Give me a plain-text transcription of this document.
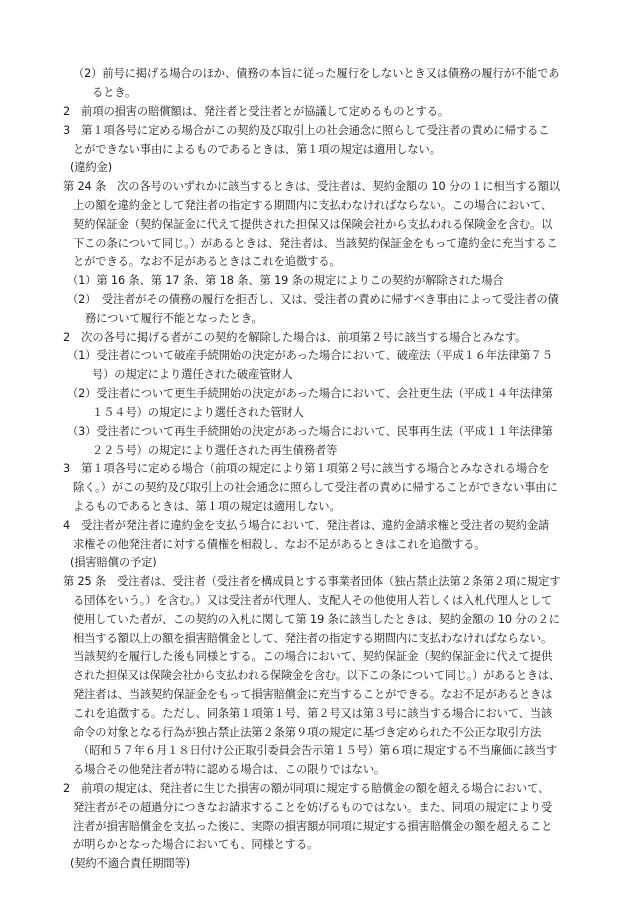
（2）前号に掲げる場合のほか、債務の本旨に従った履行をしないとき又は債務の履行が不能であ
るとき。
2　前項の損害の賠償額は、発注者と受注者とが協議して定めるものとする。
3　第１項各号に定める場合がこの契約及び取引上の社会通念に照らして受注者の責めに帰するこ
とができない事由によるものであるときは、第１項の規定は適用しない。
(違約金)
第 24 条　次の各号のいずれかに該当するときは、受注者は、契約金額の 10 分の１に相当する額以
上の額を違約金として発注者の指定する期間内に支払わなければならない。この場合において、
契約保証金（契約保証金に代えて提供された担保又は保険会社から支払われる保険金を含む。以
下この条について同じ。）があるときは、発注者は、当該契約保証金をもって違約金に充当するこ
とができる。なお不足があるときはこれを追徴する。
（1）第 16 条、第 17 条、第 18 条、第 19 条の規定によりこの契約が解除された場合
（2）　受注者がその債務の履行を拒否し、又は、受注者の責めに帰すべき事由によって受注者の債
務について履行不能となったとき。
2　次の各号に掲げる者がこの契約を解除した場合は、前項第２号に該当する場合とみなす。
（1）受注者について破産手続開始の決定があった場合において、破産法（平成１６年法律第７５
号）の規定により選任された破産管財人
（2）受注者について更生手続開始の決定があった場合において、会社更生法（平成１４年法律第
１５４号）の規定により選任された管財人
（3）受注者について再生手続開始の決定があった場合において、民事再生法（平成１１年法律第
２２５号）の規定により選任された再生債務者等
3　第１項各号に定める場合（前項の規定により第１項第２号に該当する場合とみなされる場合を
除く。）がこの契約及び取引上の社会通念に照らして受注者の責めに帰することができない事由に
よるものであるときは、第１項の規定は適用しない。
4　受注者が発注者に違約金を支払う場合において、発注者は、違約金請求権と受注者の契約金請
求権その他発注者に対する債権を相殺し、なお不足があるときはこれを追徴する。
(損害賠償の予定)
第 25 条　受注者は、受注者（受注者を構成員とする事業者団体（独占禁止法第２条第２項に規定す
る団体をいう。）を含む。）又は受注者が代理人、支配人その他使用人若しくは入札代理人として
使用していた者が、この契約の入札に関して第 19 条に該当したときは、契約金額の 10 分の２に
相当する額以上の額を損害賠償金として、発注者の指定する期間内に支払わなければならない。
当該契約を履行した後も同様とする。この場合において、契約保証金（契約保証金に代えて提供
された担保又は保険会社から支払われる保険金を含む。以下この条について同じ。）があるときは、
発注者は、当該契約保証金をもって損害賠償金に充当することができる。なお不足があるときは
これを追徴する。ただし、同条第１項第１号、第２号又は第３号に該当する場合において、当該
命令の対象となる行為が独占禁止法第２条第９項の規定に基づき定められた不公正な取引方法
（昭和５７年６月１８日付け公正取引委員会告示第１５号）第６項に規定する不当廉価に該当す
る場合その他発注者が特に認める場合は、この限りではない。
2　前項の規定は、発注者に生じた損害の額が同項に規定する賠償金の額を超える場合において、
発注者がその超過分につきなお請求することを妨げるものではない。また、同項の規定により受
注者が損害賠償金を支払った後に、実際の損害額が同項に規定する損害賠償金の額を超えること
が明らかとなった場合においても、同様とする。
(契約不適合責任期間等)
